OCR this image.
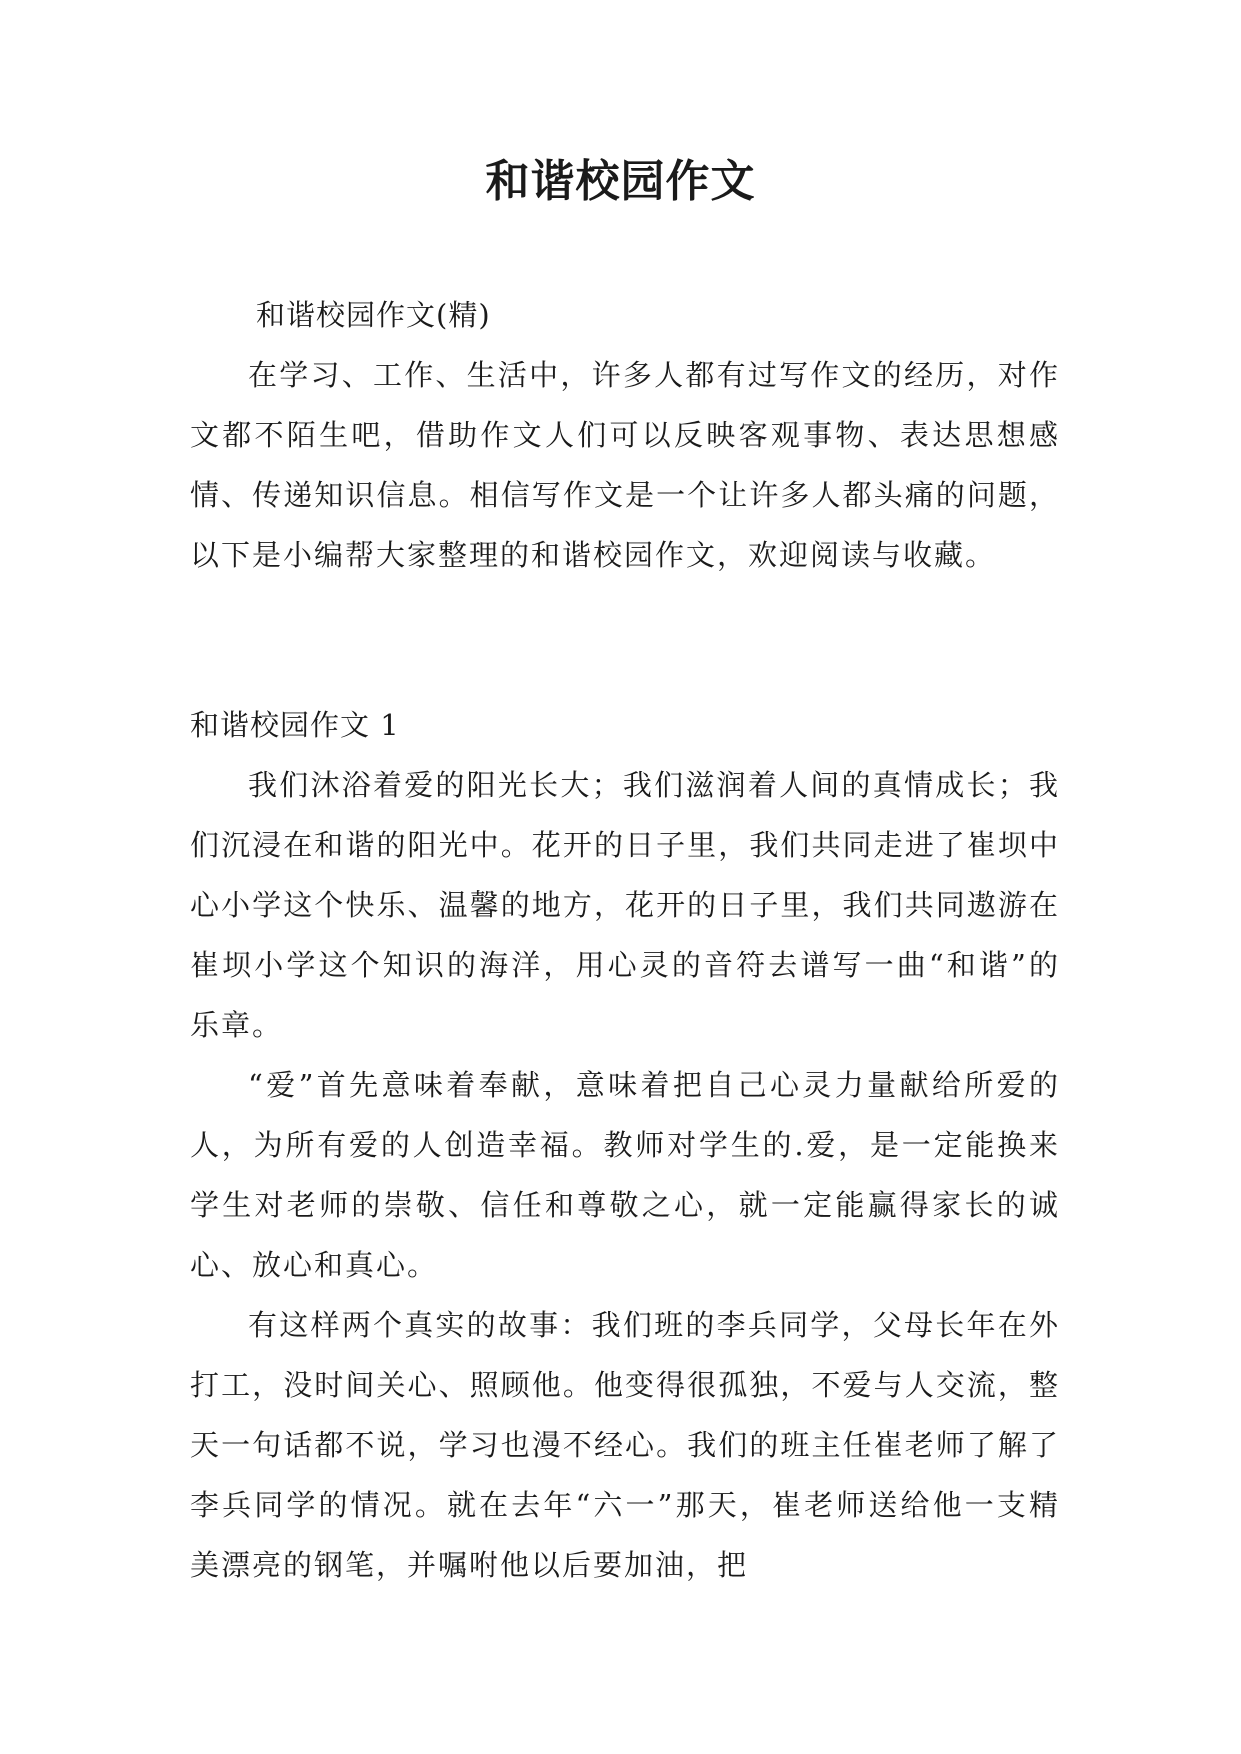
和谐校园作文
和谐校园作文(精)

在学习、工作、生活中，许多人都有过写作文的经历，对作文都不陌生吧，借助作文人们可以反映客观事物、表达思想感情、传递知识信息。相信写作文是一个让许多人都头痛的问题，以下是小编帮大家整理的和谐校园作文，欢迎阅读与收藏。

和谐校园作文 1

我们沐浴着爱的阳光长大；我们滋润着人间的真情成长；我们沉浸在和谐的阳光中。花开的日子里，我们共同走进了崔坝中心小学这个快乐、温馨的地方，花开的日子里，我们共同遨游在崔坝小学这个知识的海洋，用心灵的音符去谱写一曲“和谐”的乐章。

“爱”首先意味着奉献，意味着把自己心灵力量献给所爱的人，为所有爱的人创造幸福。教师对学生的.爱，是一定能换来学生对老师的崇敬、信任和尊敬之心，就一定能赢得家长的诚心、放心和真心。

有这样两个真实的故事：我们班的李兵同学，父母长年在外打工，没时间关心、照顾他。他变得很孤独，不爱与人交流，整天一句话都不说，学习也漫不经心。我们的班主任崔老师了解了李兵同学的情况。就在去年“六一”那天，崔老师送给他一支精美漂亮的钢笔，并嘱咐他以后要加油，把
